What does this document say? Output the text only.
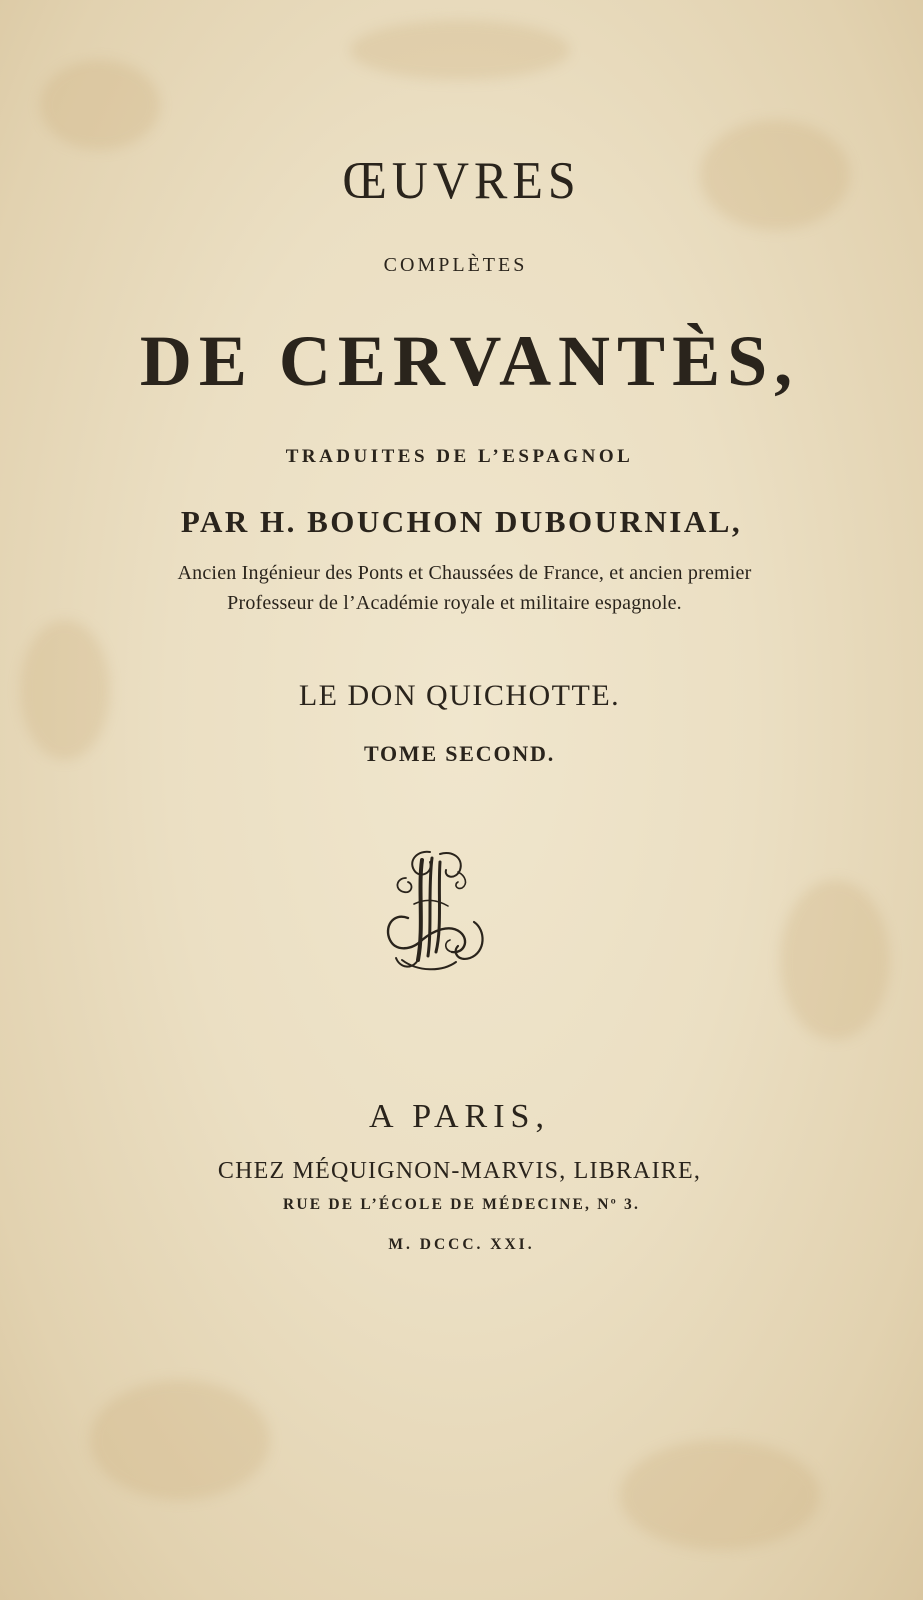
ŒUVRES
COMPLÈTES
DE CERVANTÈS,
TRADUITES DE L’ESPAGNOL
PAR H. BOUCHON DUBOURNIAL,
Ancien Ingénieur des Ponts et Chaussées de France, et ancien premier
Professeur de l’Académie royale et militaire espagnole.
LE DON QUICHOTTE.
TOME SECOND.
A PARIS,
CHEZ MÉQUIGNON-MARVIS, LIBRAIRE,
RUE DE L’ÉCOLE DE MÉDECINE, Nº 3.
M. DCCC. XXI.
